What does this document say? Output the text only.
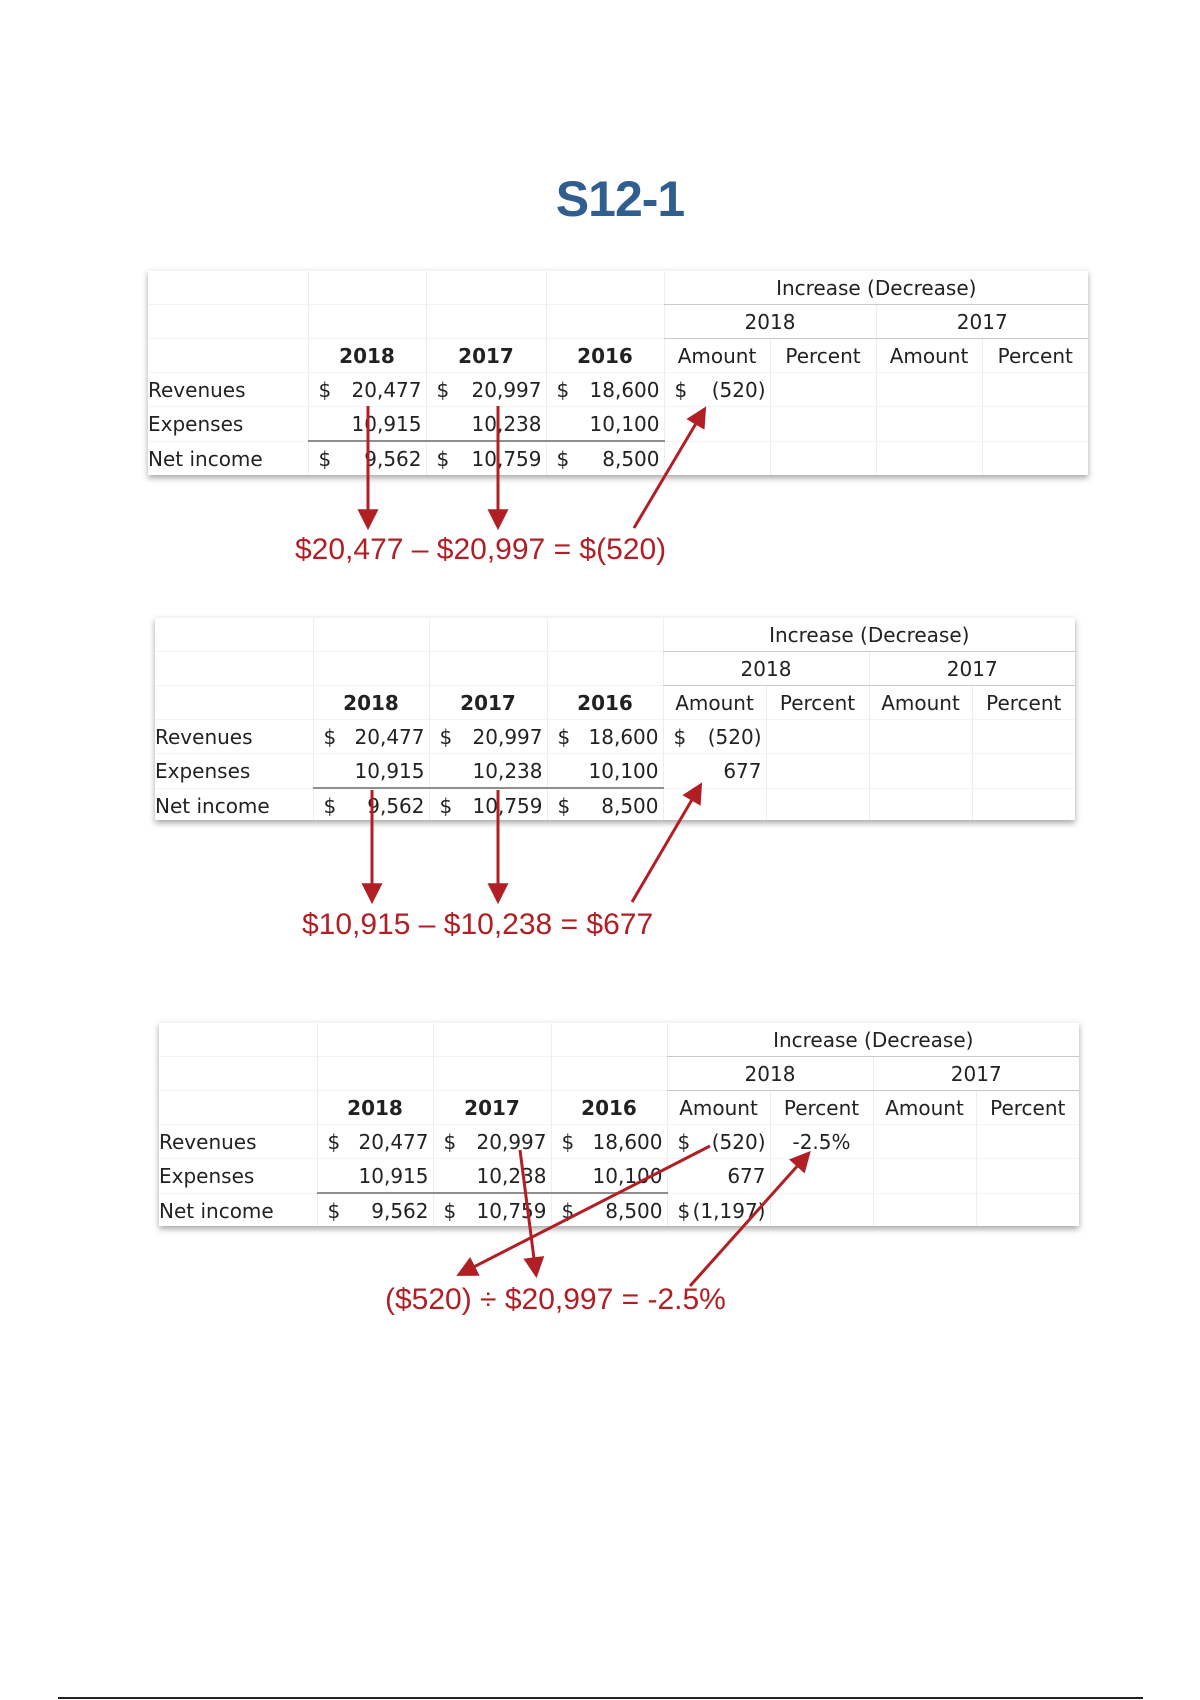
S12-1
				Increase (Decrease)			
				2018		2017	
	2018	2017	2016	Amount	Percent	Amount	Percent
Revenues	$ 20,477	$ 20,997	$ 18,600	$ (520)			

Expenses	10,915	10,238	10,100				

Net income	$ 9,562	$ 10,759	$ 8,500				

$20,477 – $20,997 = $(520)
				Increase (Decrease)			
				2018		2017	
	2018	2017	2016	Amount	Percent	Amount	Percent
Revenues	$ 20,477	$ 20,997	$ 18,600	$ (520)			

Expenses	10,915	10,238	10,100	677			

Net income	$ 9,562	$ 10,759	$ 8,500				

$10,915 – $10,238 = $677
				Increase (Decrease)			
				2018		2017	
	2018	2017	2016	Amount	Percent	Amount	Percent
Revenues	$ 20,477	$ 20,997	$ 18,600	$ (520)	-2.5%		
Expenses	10,915	10,238	10,100	677			

Net income	$ 9,562	$ 10,759	$ 8,500	$ (1,197)			

($520) ÷ $20,997 = -2.5%
